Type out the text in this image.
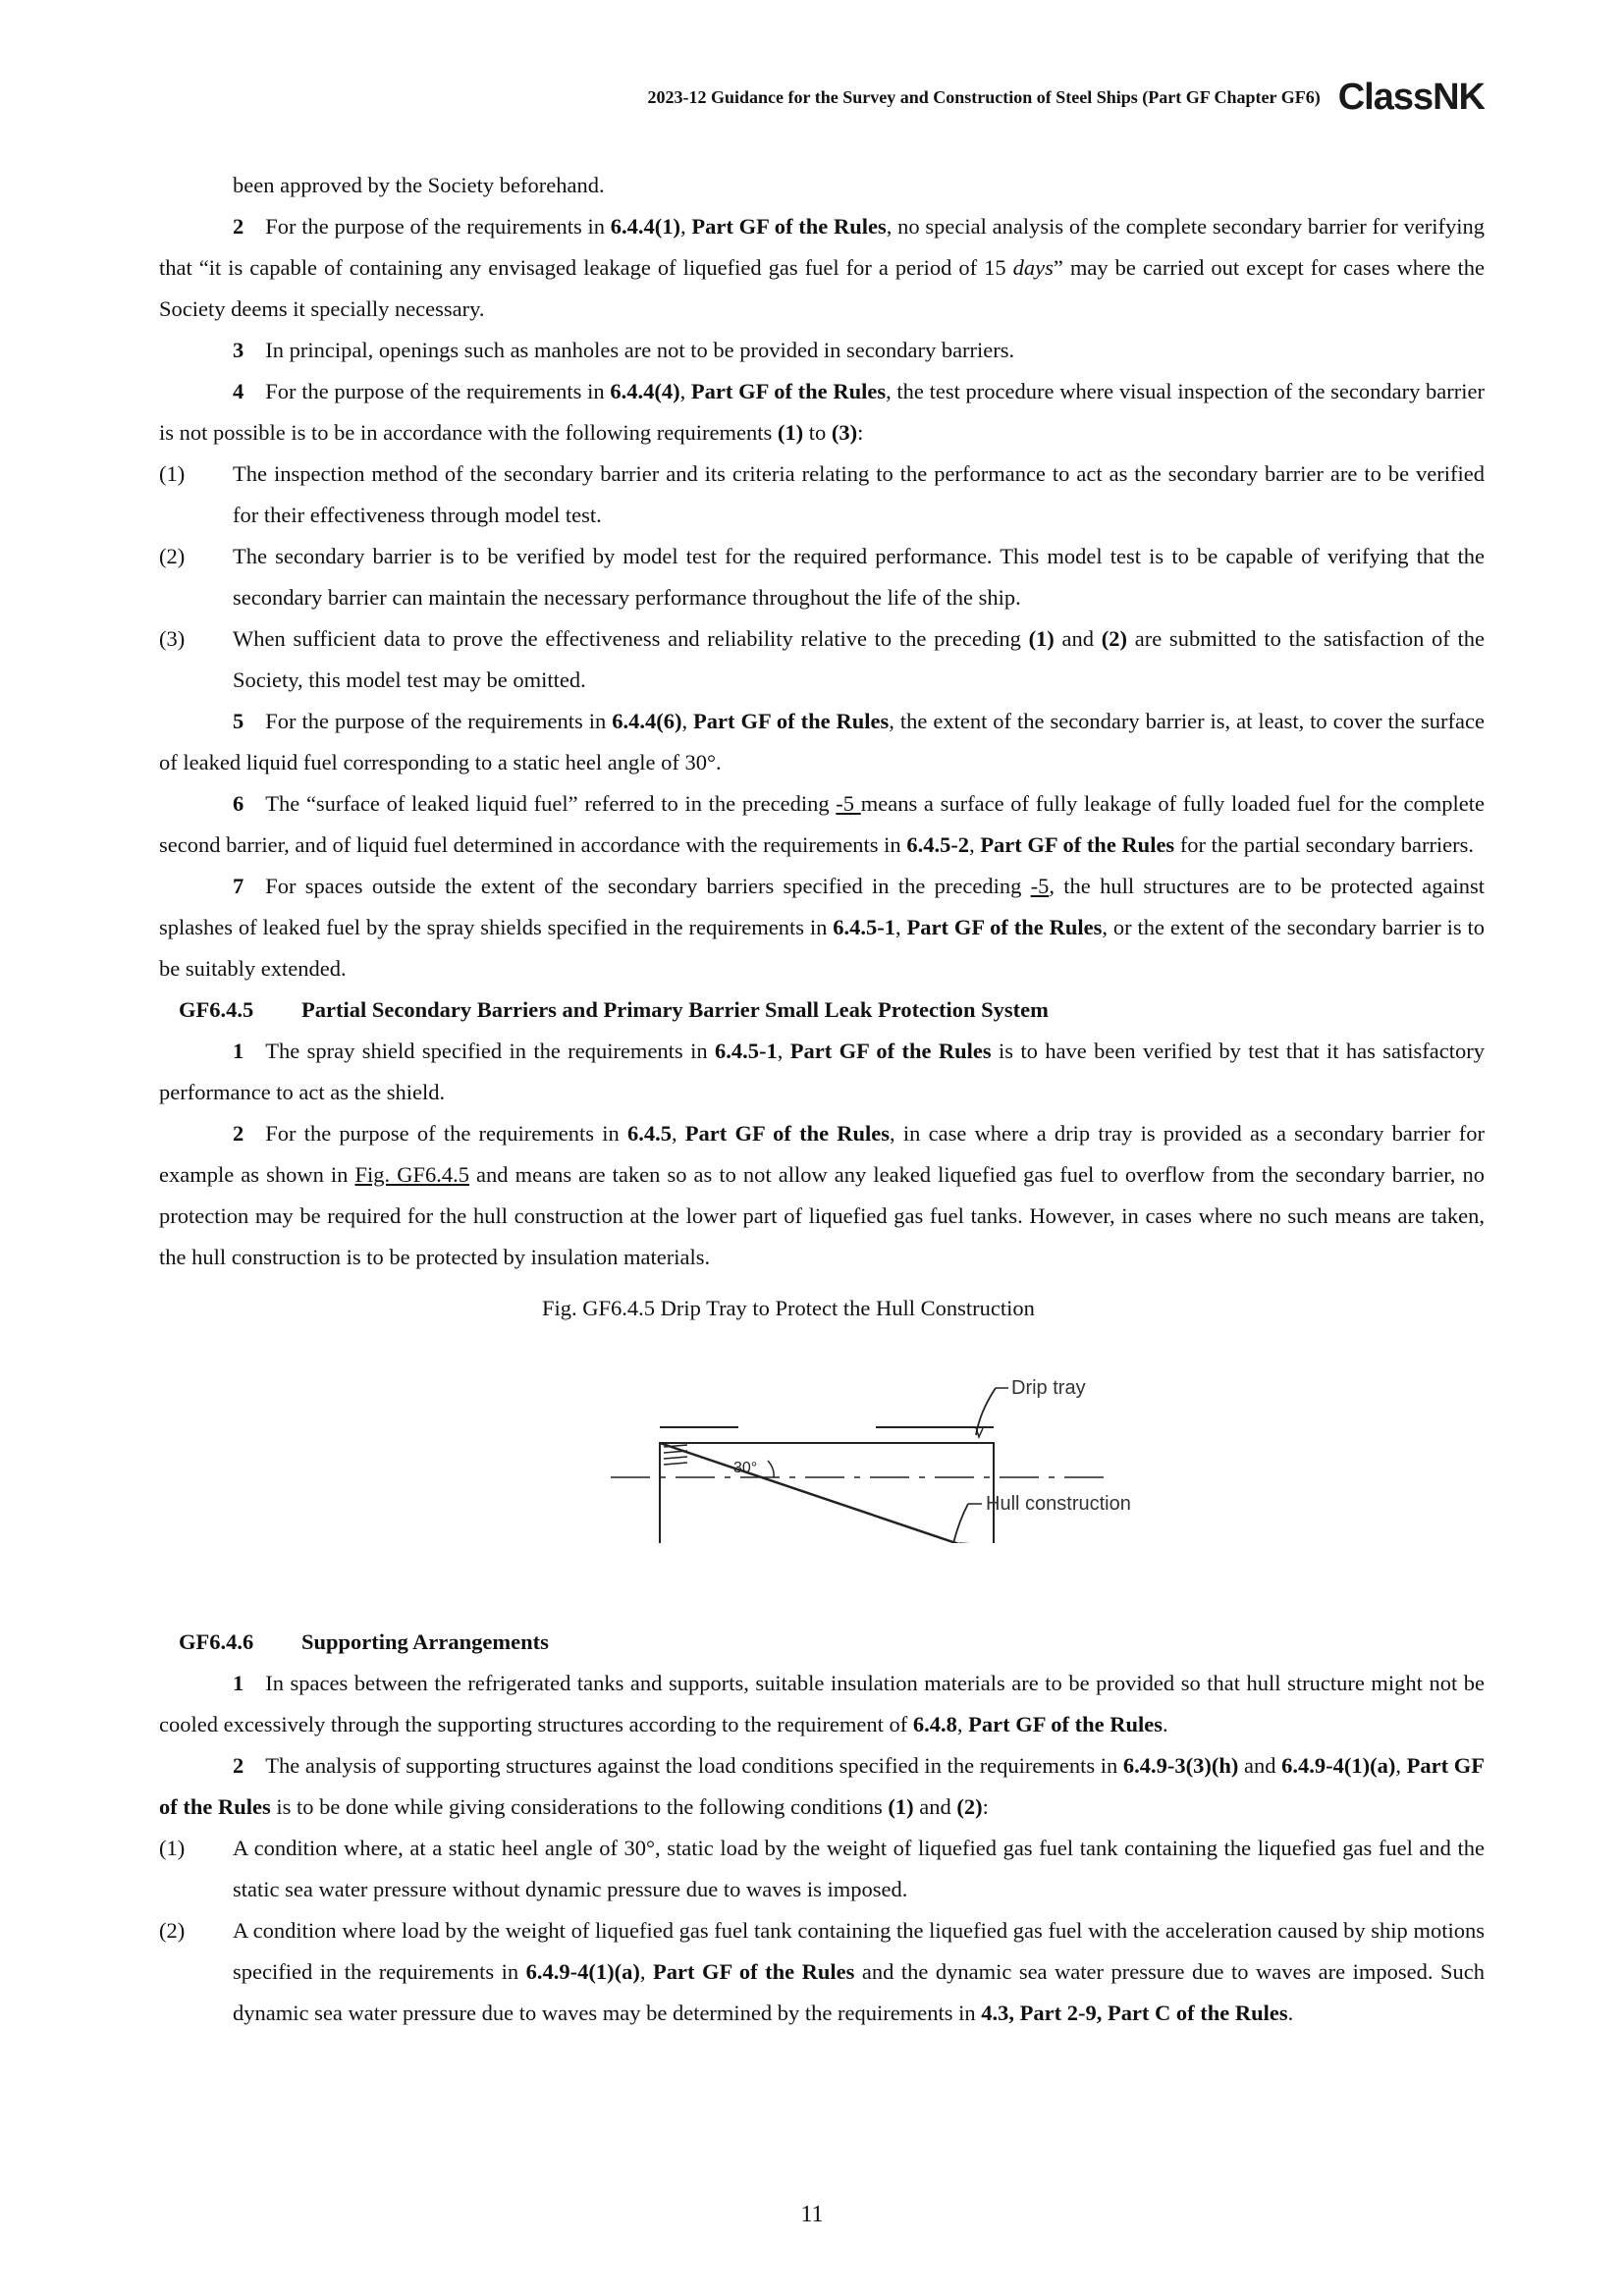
2023-12 Guidance for the Survey and Construction of Steel Ships (Part GF Chapter GF6) ClassNK

been approved by the Society beforehand.

2 For the purpose of the requirements in 6.4.4(1), Part GF of the Rules, no special analysis of the complete secondary barrier for verifying that “it is capable of containing any envisaged leakage of liquefied gas fuel for a period of 15 days” may be carried out except for cases where the Society deems it specially necessary.

3 In principal, openings such as manholes are not to be provided in secondary barriers.

4 For the purpose of the requirements in 6.4.4(4), Part GF of the Rules, the test procedure where visual inspection of the secondary barrier is not possible is to be in accordance with the following requirements (1) to (3):

(1) The inspection method of the secondary barrier and its criteria relating to the performance to act as the secondary barrier are to be verified for their effectiveness through model test.

(2) The secondary barrier is to be verified by model test for the required performance. This model test is to be capable of verifying that the secondary barrier can maintain the necessary performance throughout the life of the ship.

(3) When sufficient data to prove the effectiveness and reliability relative to the preceding (1) and (2) are submitted to the satisfaction of the Society, this model test may be omitted.

5 For the purpose of the requirements in 6.4.4(6), Part GF of the Rules, the extent of the secondary barrier is, at least, to cover the surface of leaked liquid fuel corresponding to a static heel angle of 30°.

6 The “surface of leaked liquid fuel” referred to in the preceding -5 means a surface of fully leakage of fully loaded fuel for the complete second barrier, and of liquid fuel determined in accordance with the requirements in 6.4.5-2, Part GF of the Rules for the partial secondary barriers.

7 For spaces outside the extent of the secondary barriers specified in the preceding -5, the hull structures are to be protected against splashes of leaked fuel by the spray shields specified in the requirements in 6.4.5-1, Part GF of the Rules, or the extent of the secondary barrier is to be suitably extended.

GF6.4.5 Partial Secondary Barriers and Primary Barrier Small Leak Protection System

1 The spray shield specified in the requirements in 6.4.5-1, Part GF of the Rules is to have been verified by test that it has satisfactory performance to act as the shield.

2 For the purpose of the requirements in 6.4.5, Part GF of the Rules, in case where a drip tray is provided as a secondary barrier for example as shown in Fig. GF6.4.5 and means are taken so as to not allow any leaked liquefied gas fuel to overflow from the secondary barrier, no protection may be required for the hull construction at the lower part of liquefied gas fuel tanks. However, in cases where no such means are taken, the hull construction is to be protected by insulation materials.

Fig. GF6.4.5 Drip Tray to Protect the Hull Construction
30°
Drip tray
Hull construction

GF6.4.6 Supporting Arrangements

1 In spaces between the refrigerated tanks and supports, suitable insulation materials are to be provided so that hull structure might not be cooled excessively through the supporting structures according to the requirement of 6.4.8, Part GF of the Rules.

2 The analysis of supporting structures against the load conditions specified in the requirements in 6.4.9-3(3)(h) and 6.4.9-4(1)(a), Part GF of the Rules is to be done while giving considerations to the following conditions (1) and (2):

(1) A condition where, at a static heel angle of 30°, static load by the weight of liquefied gas fuel tank containing the liquefied gas fuel and the static sea water pressure without dynamic pressure due to waves is imposed.

(2) A condition where load by the weight of liquefied gas fuel tank containing the liquefied gas fuel with the acceleration caused by ship motions specified in the requirements in 6.4.9-4(1)(a), Part GF of the Rules and the dynamic sea water pressure due to waves are imposed. Such dynamic sea water pressure due to waves may be determined by the requirements in 4.3, Part 2-9, Part C of the Rules.

11
